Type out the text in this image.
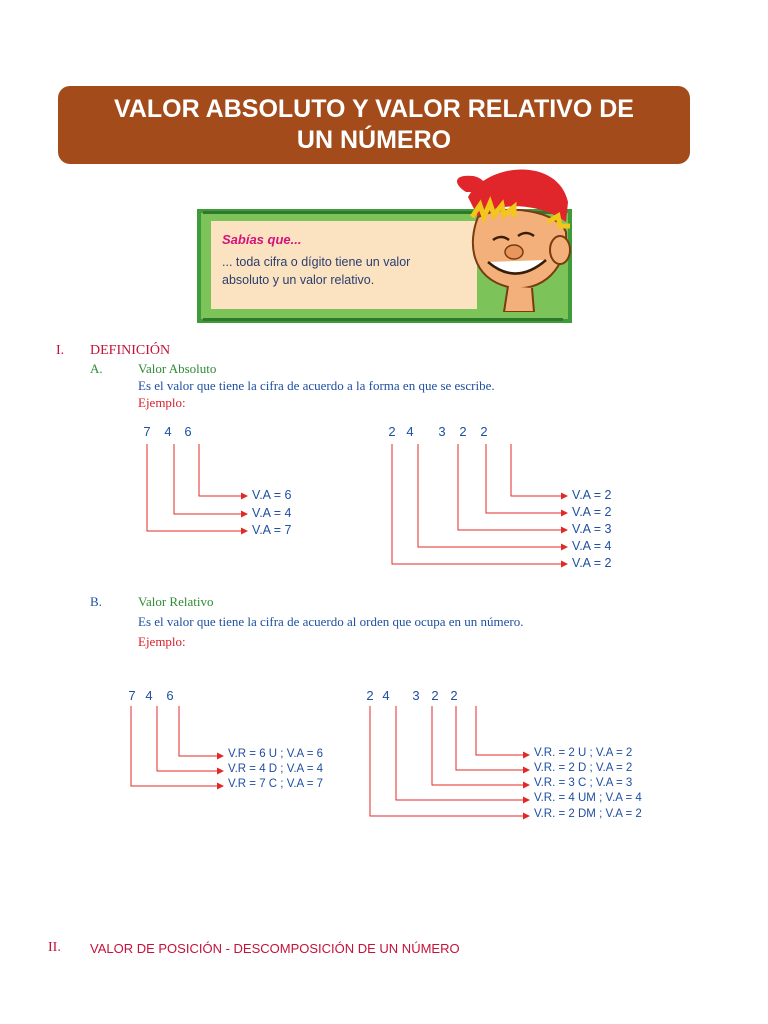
VALOR ABSOLUTO Y VALOR RELATIVO DE
UN NÚMERO
Sabías que...
... toda cifra o dígito tiene un valor
absoluto y un valor relativo.
I. DEFINICIÓN
A.	Valor Absoluto
Es el valor que tiene la cifra de acuerdo a la forma en que se escribe.
Ejemplo:
B.	Valor Relativo
Es el valor que tiene la cifra de acuerdo al orden que ocupa en un número.
Ejemplo:
II. VALOR DE POSICIÓN - DESCOMPOSICIÓN DE UN NÚMERO
7 4 6	2 4 3 2 2
7 4 6	2 4 3 2 2
V.A = 6
V.A = 4
V.A = 7
V.A = 2
V.A = 2
V.A = 3
V.A = 4
V.A = 2
V.R = 6 U ; V.A = 6
V.R = 4 D ; V.A = 4
V.R = 7 C ; V.A = 7
V.R. = 2 U ; V.A = 2
V.R. = 2 D ; V.A = 2
V.R. = 3 C ; V.A = 3
V.R. = 4 UM ; V.A = 4
V.R. = 2 DM ; V.A = 2
